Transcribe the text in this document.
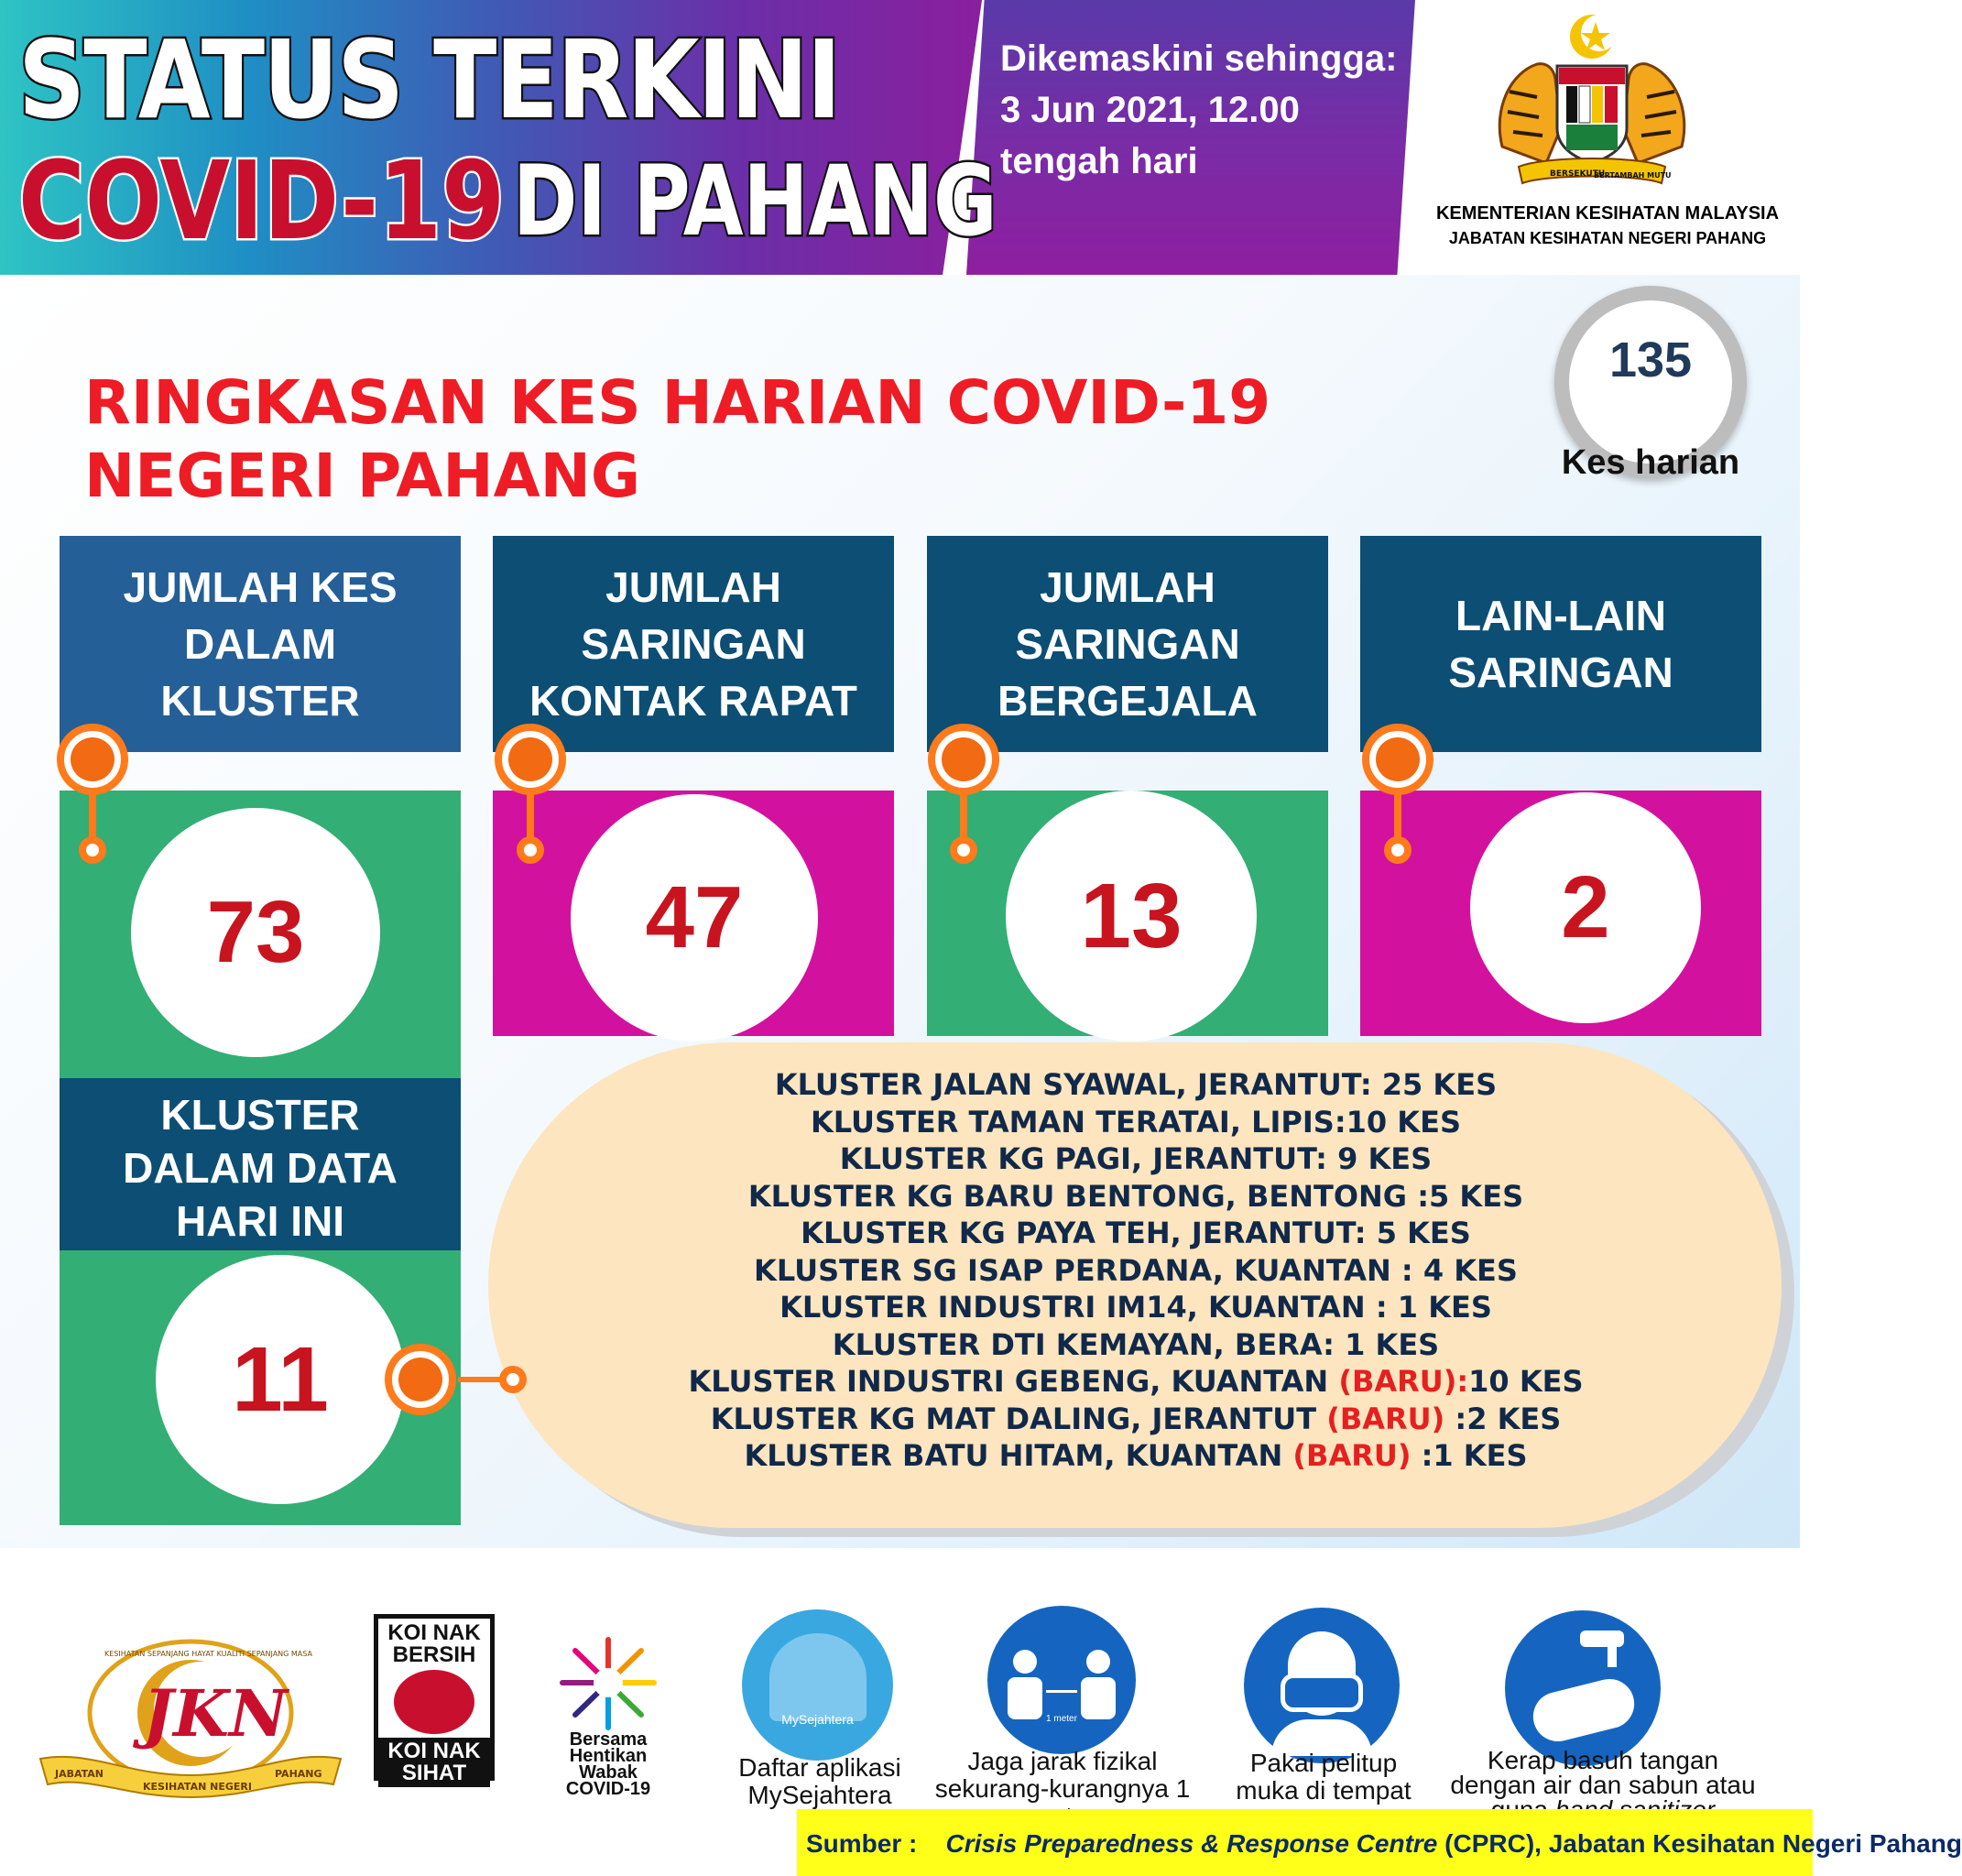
STATUS TERKINI
COVID-19 DI PAHANG
Dikemaskini sehingga:
3 Jun 2021, 12.00
tengah hari	BERSEKUTU
BERTAMBAH MUTU
KEMENTERIAN KESIHATAN MALAYSIA
JABATAN KESIHATAN NEGERI PAHANG
RINGKASAN KES HARIAN COVID-19
NEGERI PAHANG
135
Kes harian
JUMLAH KES
DALAM
KLUSTER
73
JUMLAH
SARINGAN
KONTAK RAPAT
47
JUMLAH
SARINGAN
BERGEJALA
13
LAIN-LAIN
SARINGAN
2
KLUSTER
DALAM DATA
HARI INI
11
KLUSTER JALAN SYAWAL, JERANTUT: 25 KES
KLUSTER TAMAN TERATAI, LIPIS:10 KES
KLUSTER KG PAGI, JERANTUT: 9 KES
KLUSTER KG BARU BENTONG, BENTONG :5 KES
KLUSTER KG PAYA TEH, JERANTUT: 5 KES
KLUSTER SG ISAP PERDANA, KUANTAN : 4 KES
KLUSTER INDUSTRI IM14, KUANTAN : 1 KES
KLUSTER DTI KEMAYAN, BERA: 1 KES
KLUSTER INDUSTRI GEBENG, KUANTAN (BARU):10 KES
KLUSTER KG MAT DALING, JERANTUT (BARU) :2 KES
KLUSTER BATU HITAM, KUANTAN (BARU) :1 KES
JKN
KESIHATAN SEPANJANG HAYAT KUALITI SEPANJANG MASA
JABATAN
KESIHATAN NEGERI
PAHANG
KOI NAK BERSIH
KOI NAK SIHAT
Bersama
Hentikan
Wabak
COVID-19
MySejahtera
Daftar aplikasi MySejahtera
1 meter
Jaga jarak fizikal sekurang-kurangnya 1
Pakai pelitup muka di tempat
Kerap basuh tangan dengan air dan sabun atau
Sumber : Crisis Preparedness & Response Centre (CPRC), Jabatan Kesihatan Negeri Pahang
